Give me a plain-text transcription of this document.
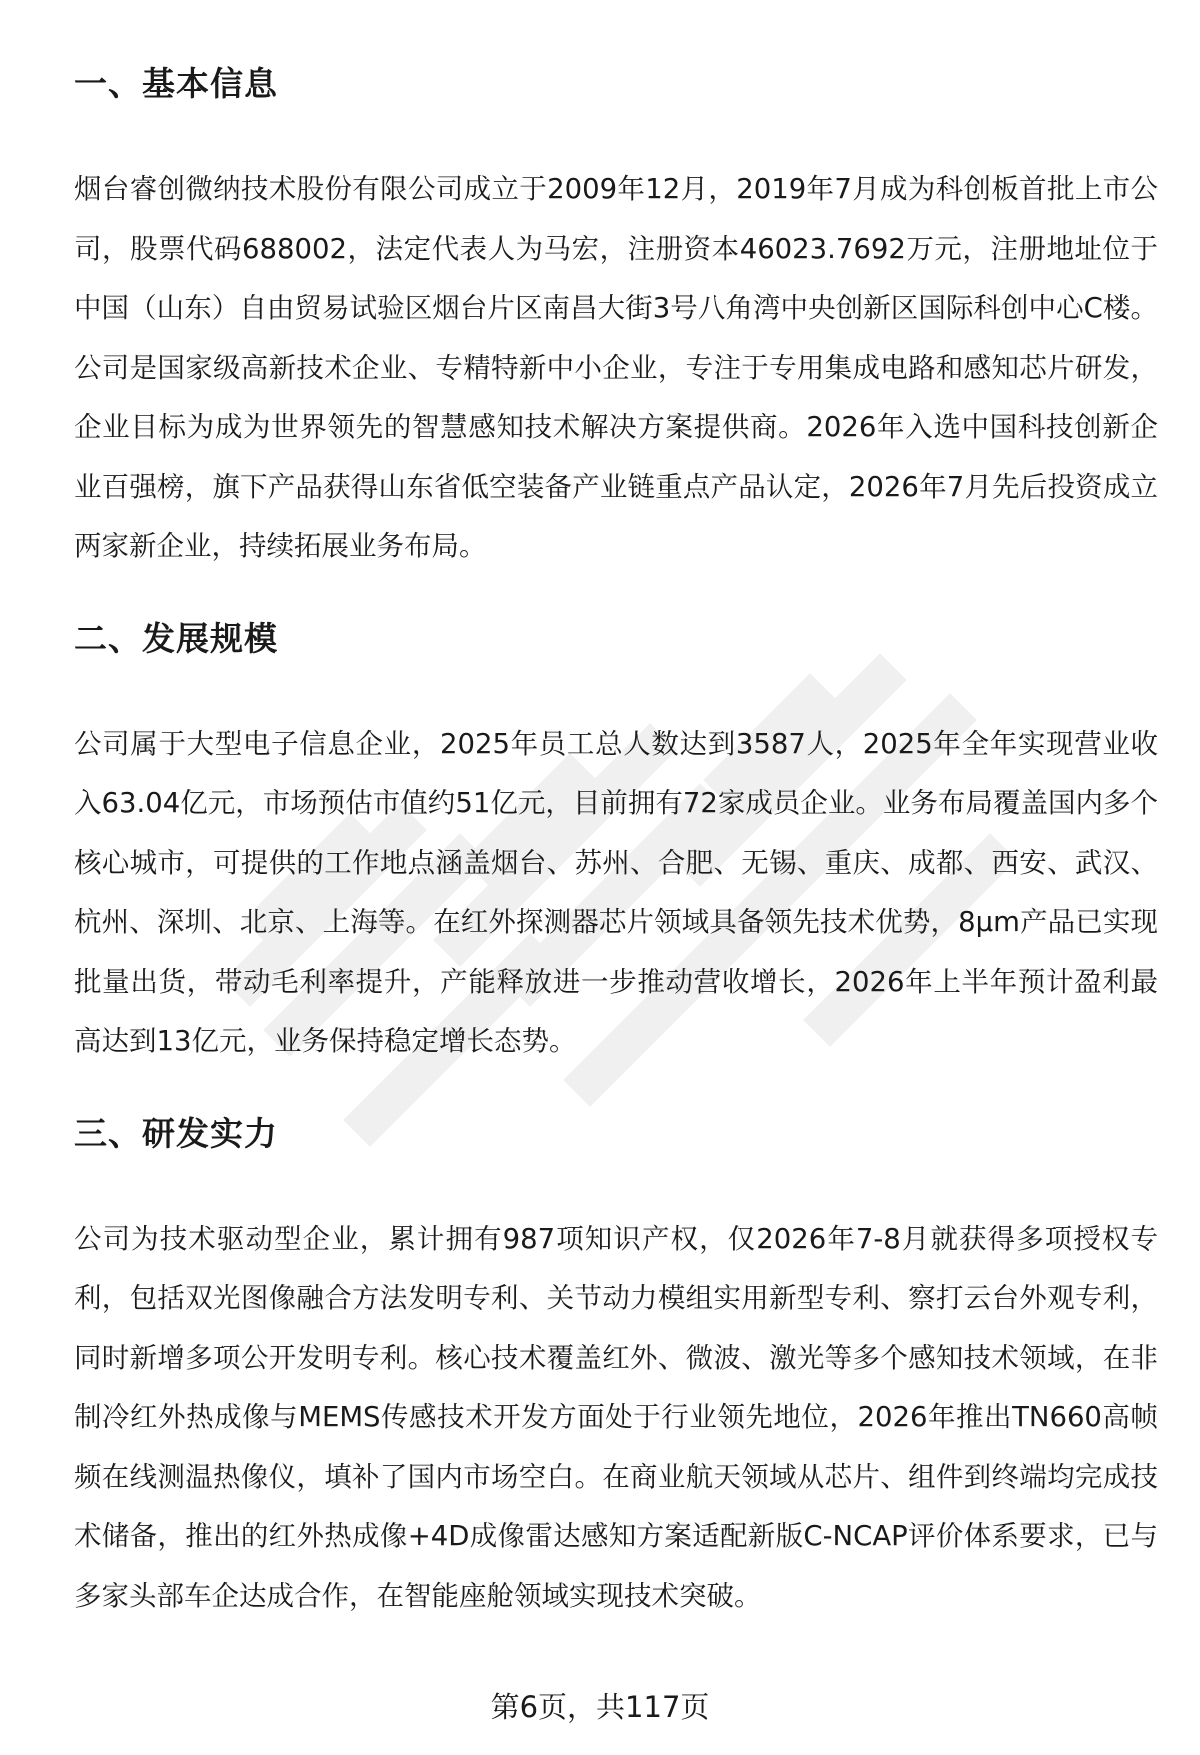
一、基本信息

烟台睿创微纳技术股份有限公司成立于2009年12月，2019年7月成为科创板首批上市公司，股票代码688002，法定代表人为马宏，注册资本46023.7692万元，注册地址位于中国（山东）自由贸易试验区烟台片区南昌大街3号八角湾中央创新区国际科创中心C楼。公司是国家级高新技术企业、专精特新中小企业，专注于专用集成电路和感知芯片研发，企业目标为成为世界领先的智慧感知技术解决方案提供商。2026年入选中国科技创新企业百强榜，旗下产品获得山东省低空装备产业链重点产品认定，2026年7月先后投资成立两家新企业，持续拓展业务布局。

二、发展规模

公司属于大型电子信息企业，2025年员工总人数达到3587人，2025年全年实现营业收入63.04亿元，市场预估市值约51亿元，目前拥有72家成员企业。业务布局覆盖国内多个核心城市，可提供的工作地点涵盖烟台、苏州、合肥、无锡、重庆、成都、西安、武汉、杭州、深圳、北京、上海等。在红外探测器芯片领域具备领先技术优势，8μm产品已实现批量出货，带动毛利率提升，产能释放进一步推动营收增长，2026年上半年预计盈利最高达到13亿元，业务保持稳定增长态势。

三、研发实力

公司为技术驱动型企业，累计拥有987项知识产权，仅2026年7-8月就获得多项授权专利，包括双光图像融合方法发明专利、关节动力模组实用新型专利、察打云台外观专利，同时新增多项公开发明专利。核心技术覆盖红外、微波、激光等多个感知技术领域，在非制冷红外热成像与MEMS传感技术开发方面处于行业领先地位，2026年推出TN660高帧频在线测温热像仪，填补了国内市场空白。在商业航天领域从芯片、组件到终端均完成技术储备，推出的红外热成像+4D成像雷达感知方案适配新版C-NCAP评价体系要求，已与多家头部车企达成合作，在智能座舱领域实现技术突破。

第6页，共117页
